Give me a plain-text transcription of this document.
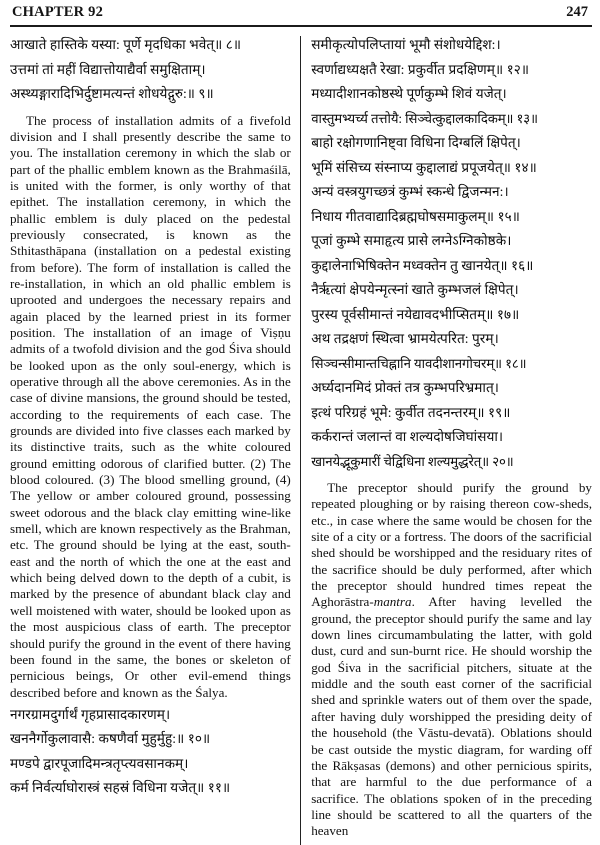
CHAPTER 92	247
आखाते हास्तिके यस्या: पूर्णे मृदधिका भवेत्॥ ८॥
उत्तमां तां महीं विद्यात्तोयाद्यैर्वा समुक्षिताम्।
अस्थ्यङ्गारादिभिर्दुष्टामत्यन्तं शोधयेद्गुरु:॥ ९॥

The process of installation admits of a fivefold division and I shall presently describe the same to you. The installation ceremony in which the slab or part of the phallic emblem known as the Brahmaśilā, is united with the former, is only worthy of that epithet. The installation ceremony, in which the phallic emblem is duly placed on the pedestal previously consecrated, is known as the Sthitasthāpana (installation on a pedestal existing from before). The form of installation is called the re-installation, in which an old phallic emblem is uprooted and undergoes the necessary repairs and again placed by the learned priest in its former position. The installation of an image of Viṣṇu admits of a twofold division and the god Śiva should be looked upon as the only soul-energy, which is operative through all the above ceremonies. As in the case of divine mansions, the ground should be tested, according to the requirements of each case. The grounds are divided into five classes each marked by its distinctive traits, such as the white coloured ground emitting odorous of clarified butter. (2) The blood coloured. (3) The blood smelling ground, (4) The yellow or amber coloured ground, possessing sweet odorous and the black clay emitting wine-like smell, which are known respectively as the Brahman, etc. The ground should be lying at the east, south-east and the north of which the one at the east and which being delved down to the depth of a cubit, is marked by the presence of abundant black clay and well moistened with water, should be looked upon as the most auspicious class of earth. The preceptor should purify the ground in the event of there having been found in the same, the bones or skeleton of pernicious beings, Or other evil-emend things described before and known as the Śalya.

नगरग्रामदुर्गार्थं गृहप्रासादकारणम्।
खननैर्गोकुलावासै: कषणैर्वा मुहुर्मुहु:॥ १०॥
मण्डपे द्वारपूजादिमन्त्रतृप्त्यवसानकम्।
कर्म निर्वर्त्याघोरास्त्रं सहस्रं विधिना यजेत्॥ ११॥
समीकृत्योपलिप्तायां भूमौ संशोधयेद्दिश:।
स्वर्णाद्यध्यक्षतै रेखा: प्रकुर्वीत प्रदक्षिणम्॥ १२॥
मध्यादीशानकोष्ठस्थे पूर्णकुम्भे शिवं यजेत्।
वास्तुमभ्यर्च्य तत्तोयै: सिञ्चेत्कुद्दालकादिकम्॥ १३॥
बाहो रक्षोगणानिष्ट्वा विधिना दिग्बलिं क्षिपेत्।
भूमिं संसिच्य संस्नाप्य कुद्दालाद्यं प्रपूजयेत्॥ १४॥
अन्यं वस्त्रयुगच्छत्रं कुम्भं स्कन्धे द्विजन्मन:।
निधाय गीतवाद्यादिब्रह्मघोषसमाकुलम्॥ १५॥
पूजां कुम्भे समाहृत्य प्रासे लग्नेऽग्निकोष्ठके।
कुद्दालेनाभिषिक्तेन मध्वक्तेन तु खानयेत्॥ १६॥
नैर्ऋत्यां क्षेपयेन्मृत्स्नां खाते कुम्भजलं क्षिपेत्।
पुरस्य पूर्वसीमान्तं नयेद्यावदभीप्सितम्॥ १७॥
अथ तद्रक्षणं स्थित्वा भ्रामयेत्परित: पुरम्।
सिञ्चन्सीमान्तचिह्नानि यावदीशानगोचरम्॥ १८॥
अर्घ्यदानमिदं प्रोक्तं तत्र कुम्भपरिभ्रमात्।
इत्थं परिग्रहं भूमे: कुर्वीत तदनन्तरम्॥ १९॥
कर्करान्तं जलान्तं वा शल्यदोषजिघांसया।
खानयेद्भूकुमारीं चेद्विधिना शल्यमुद्धरेत्॥ २०॥

The preceptor should purify the ground by repeated ploughing or by raising thereon cow-sheds, etc., in case where the same would be chosen for the site of a city or a fortress. The doors of the sacrificial shed should be worshipped and the residuary rites of the sacrifice should be duly performed, after which the preceptor should hundred times repeat the Aghorāstra-mantra. After having levelled the ground, the preceptor should purify the same and lay down lines circumambulating the latter, with gold dust, curd and sun-burnt rice. He should worship the god Śiva in the sacrificial pitchers, situate at the middle and the south east corner of the sacrificial shed and sprinkle waters out of them over the spade, after having duly worshipped the presiding deity of the household (the Vāstu-devatā). Oblations should be cast outside the mystic diagram, for warding off the Rākṣasas (demons) and other pernicious spirits, that are harmful to the due performance of a sacrifice. The oblations spoken of in the preceding line should be scattered to all the quarters of the heaven
